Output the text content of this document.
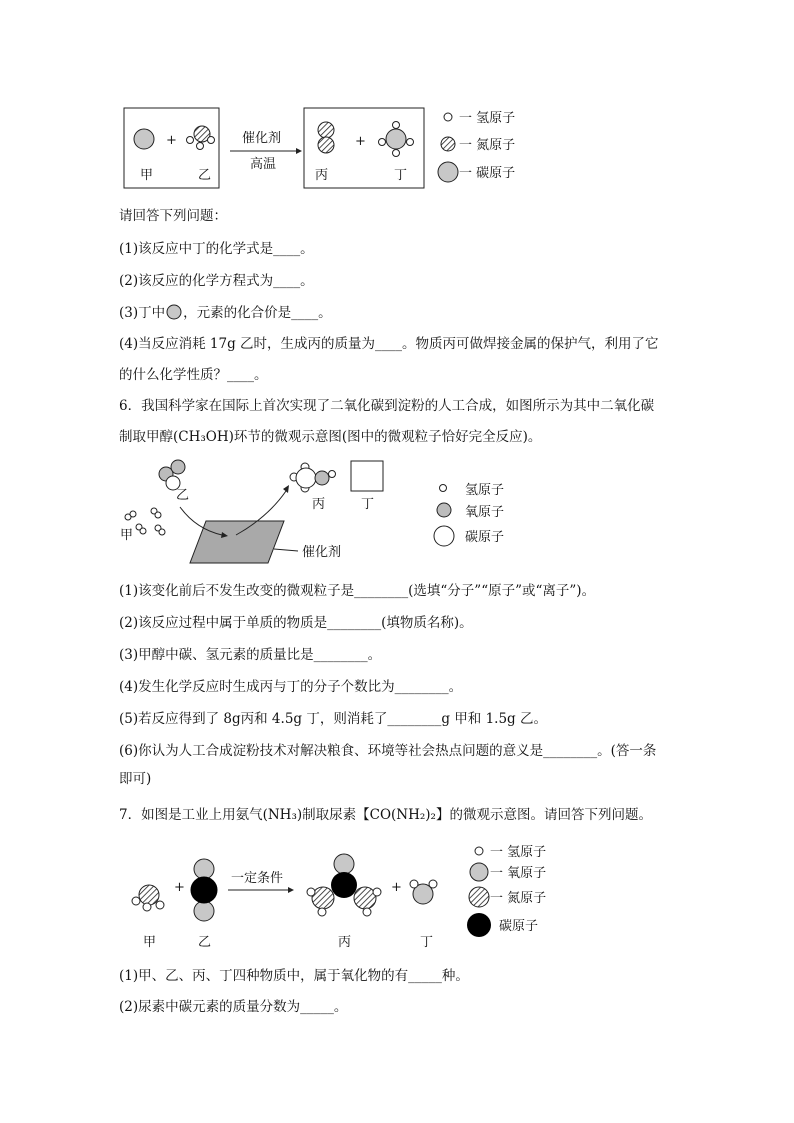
+
甲	乙
催化剂
高温
+
丙	丁
一 氢原子
一 氮原子
一 碳原子
请回答下列问题：
(1)该反应中丁的化学式是____。
(2)该反应的化学方程式为____。
(3)丁中 ，元素的化合价是____。
(4)当反应消耗 17g 乙时，生成丙的质量为____。物质丙可做焊接金属的保护气，利用了它
的什么化学性质？____。
6．我国科学家在国际上首次实现了二氧化碳到淀粉的人工合成，如图所示为其中二氧化碳
制取甲醇(CH₃OH)环节的微观示意图(图中的微观粒子恰好完全反应)。
乙
甲
催化剂
丙	丁
氢原子
氧原子
碳原子
(1)该变化前后不发生改变的微观粒子是________(选填“分子”“原子”或“离子”)。
(2)该反应过程中属于单质的物质是________(填物质名称)。
(3)甲醇中碳、氢元素的质量比是________。
(4)发生化学反应时生成丙与丁的分子个数比为________。
(5)若反应得到了 8g丙和 4.5g 丁，则消耗了________g 甲和 1.5g 乙。
(6)你认为人工合成淀粉技术对解决粮食、环境等社会热点问题的意义是________。(答一条
即可)
7．如图是工业上用氨气(NH₃)制取尿素【CO(NH₂)₂】的微观示意图。请回答下列问题。
甲
+
乙
一定条件
丙
+
丁
一 氢原子
一 氧原子
一 氮原子
碳原子
(1)甲、乙、丙、丁四种物质中，属于氧化物的有_____种。
(2)尿素中碳元素的质量分数为_____。
